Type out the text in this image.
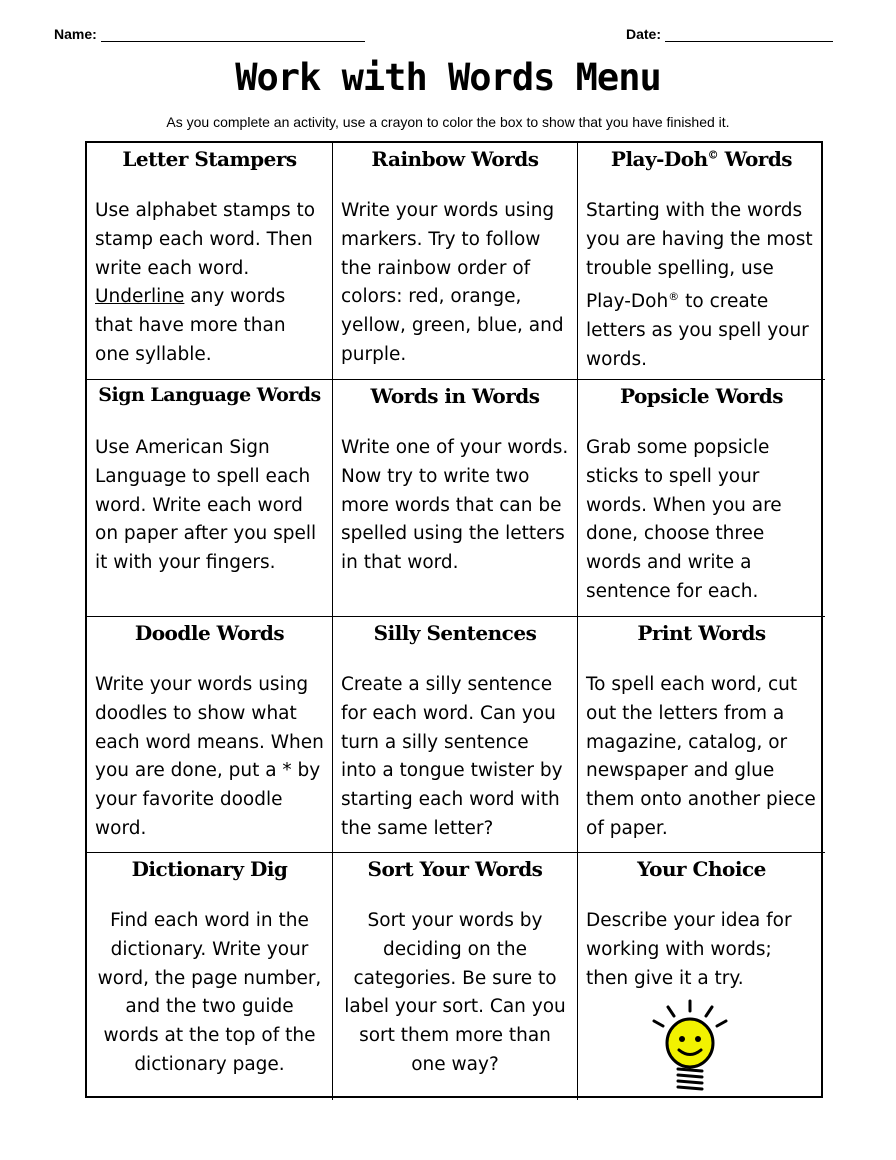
Name:	Date:
Work with Words Menu
As you complete an activity, use a crayon to color the box to show that you have finished it.
Letter Stampers
Use alphabet stamps to stamp each word. Then write each word. Underline any words that have more than one syllable.
Rainbow Words
Write your words using markers. Try to follow the rainbow order of colors: red, orange, yellow, green, blue, and purple.
Play-Doh© Words
Starting with the words you are having the most trouble spelling, use Play-Doh® to create letters as you spell your words.
Sign Language Words
Use American Sign Language to spell each word. Write each word on paper after you spell it with your fingers.
Words in Words
Write one of your words. Now try to write two more words that can be spelled using the letters in that word.
Popsicle Words
Grab some popsicle sticks to spell your words. When you are done, choose three words and write a sentence for each.
Doodle Words
Write your words using doodles to show what each word means. When you are done, put a * by your favorite doodle word.
Silly Sentences
Create a silly sentence for each word. Can you turn a silly sentence into a tongue twister by starting each word with the same letter?
Print Words
To spell each word, cut out the letters from a magazine, catalog, or newspaper and glue them onto another piece of paper.
Dictionary Dig
Find each word in the dictionary. Write your word, the page number, and the two guide words at the top of the dictionary page.
Sort Your Words
Sort your words by deciding on the categories. Be sure to label your sort. Can you sort them more than one way?
Your Choice
Describe your idea for working with words; then give it a try.
